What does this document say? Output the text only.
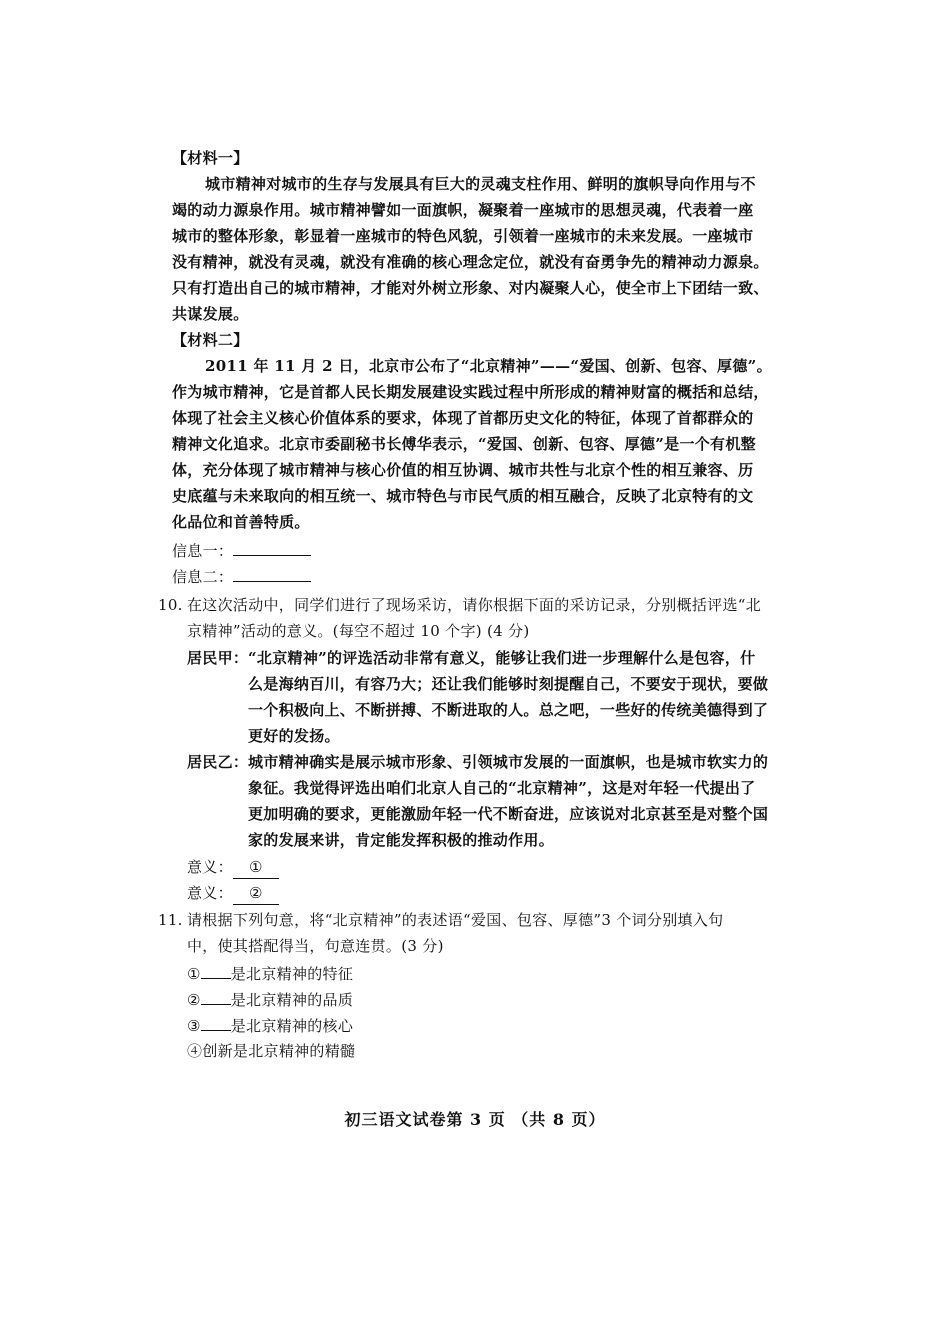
【材料一】
城市精神对城市的生存与发展具有巨大的灵魂支柱作用、鲜明的旗帜导向作用与不
竭的动力源泉作用。城市精神譬如一面旗帜，凝聚着一座城市的思想灵魂，代表着一座
城市的整体形象，彰显着一座城市的特色风貌，引领着一座城市的未来发展。一座城市
没有精神，就没有灵魂，就没有准确的核心理念定位，就没有奋勇争先的精神动力源泉。
只有打造出自己的城市精神，才能对外树立形象、对内凝聚人心，使全市上下团结一致、
共谋发展。
【材料二】
2011 年 11 月 2 日，北京市公布了“北京精神”——“爱国、创新、包容、厚德”。
作为城市精神，它是首都人民长期发展建设实践过程中所形成的精神财富的概括和总结，
体现了社会主义核心价值体系的要求，体现了首都历史文化的特征，体现了首都群众的
精神文化追求。北京市委副秘书长傅华表示，“爱国、创新、包容、厚德”是一个有机整
体，充分体现了城市精神与核心价值的相互协调、城市共性与北京个性的相互兼容、历
史底蕴与未来取向的相互统一、城市特色与市民气质的相互融合，反映了北京特有的文
化品位和首善特质。
信息一：
信息二：
10. 在这次活动中，同学们进行了现场采访，请你根据下面的采访记录，分别概括评选“北
京精神”活动的意义。(每空不超过 10 个字) (4 分)
居民甲： “北京精神”的评选活动非常有意义，能够让我们进一步理解什么是包容，什
么是海纳百川，有容乃大；还让我们能够时刻提醒自己，不要安于现状，要做
一个积极向上、不断拼搏、不断进取的人。总之吧，一些好的传统美德得到了
更好的发扬。
居民乙： 城市精神确实是展示城市形象、引领城市发展的一面旗帜，也是城市软实力的
象征。我觉得评选出咱们北京人自己的“北京精神”，这是对年轻一代提出了
更加明确的要求，更能激励年轻一代不断奋进，应该说对北京甚至是对整个国
家的发展来讲，肯定能发挥积极的推动作用。
意义： ①
意义： ②
11. 请根据下列句意，将“北京精神”的表述语“爱国、包容、厚德”3 个词分别填入句
中，使其搭配得当，句意连贯。(3 分)
① 是北京精神的特征
② 是北京精神的品质
③ 是北京精神的核心
④创新是北京精神的精髓
初三语文试卷第 3 页 （共 8 页）
